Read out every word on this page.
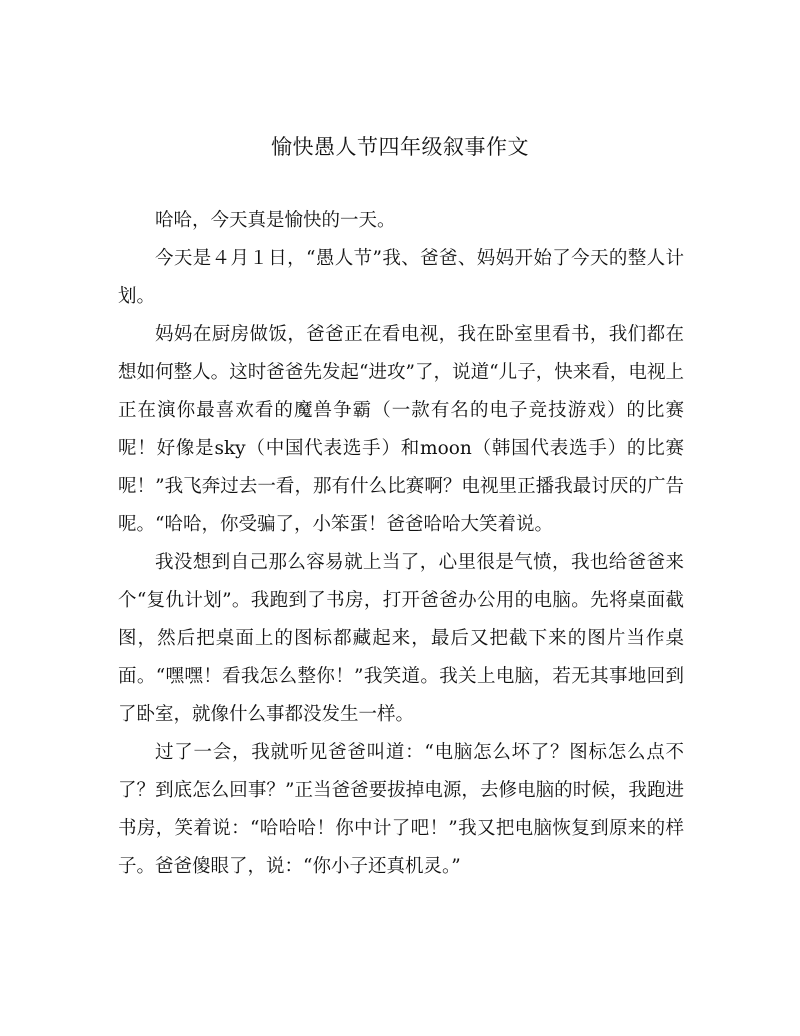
愉快愚人节四年级叙事作文

哈哈，今天真是愉快的一天。

今天是４月１日，“愚人节”我、爸爸、妈妈开始了今天的整人计划。

妈妈在厨房做饭，爸爸正在看电视，我在卧室里看书，我们都在想如何整人。这时爸爸先发起“进攻”了，说道“儿子，快来看，电视上正在演你最喜欢看的魔兽争霸（一款有名的电子竞技游戏）的比赛呢！好像是sky（中国代表选手）和moon（韩国代表选手）的比赛呢！”我飞奔过去一看，那有什么比赛啊？电视里正播我最讨厌的广告呢。“哈哈，你受骗了，小笨蛋！爸爸哈哈大笑着说。

我没想到自己那么容易就上当了，心里很是气愤，我也给爸爸来个“复仇计划”。我跑到了书房，打开爸爸办公用的电脑。先将桌面截图，然后把桌面上的图标都藏起来，最后又把截下来的图片当作桌面。“嘿嘿！看我怎么整你！”我笑道。我关上电脑，若无其事地回到了卧室，就像什么事都没发生一样。

过了一会，我就听见爸爸叫道：“电脑怎么坏了？图标怎么点不了？到底怎么回事？”正当爸爸要拔掉电源，去修电脑的时候，我跑进书房，笑着说：“哈哈哈！你中计了吧！”我又把电脑恢复到原来的样子。爸爸傻眼了，说：“你小子还真机灵。”
